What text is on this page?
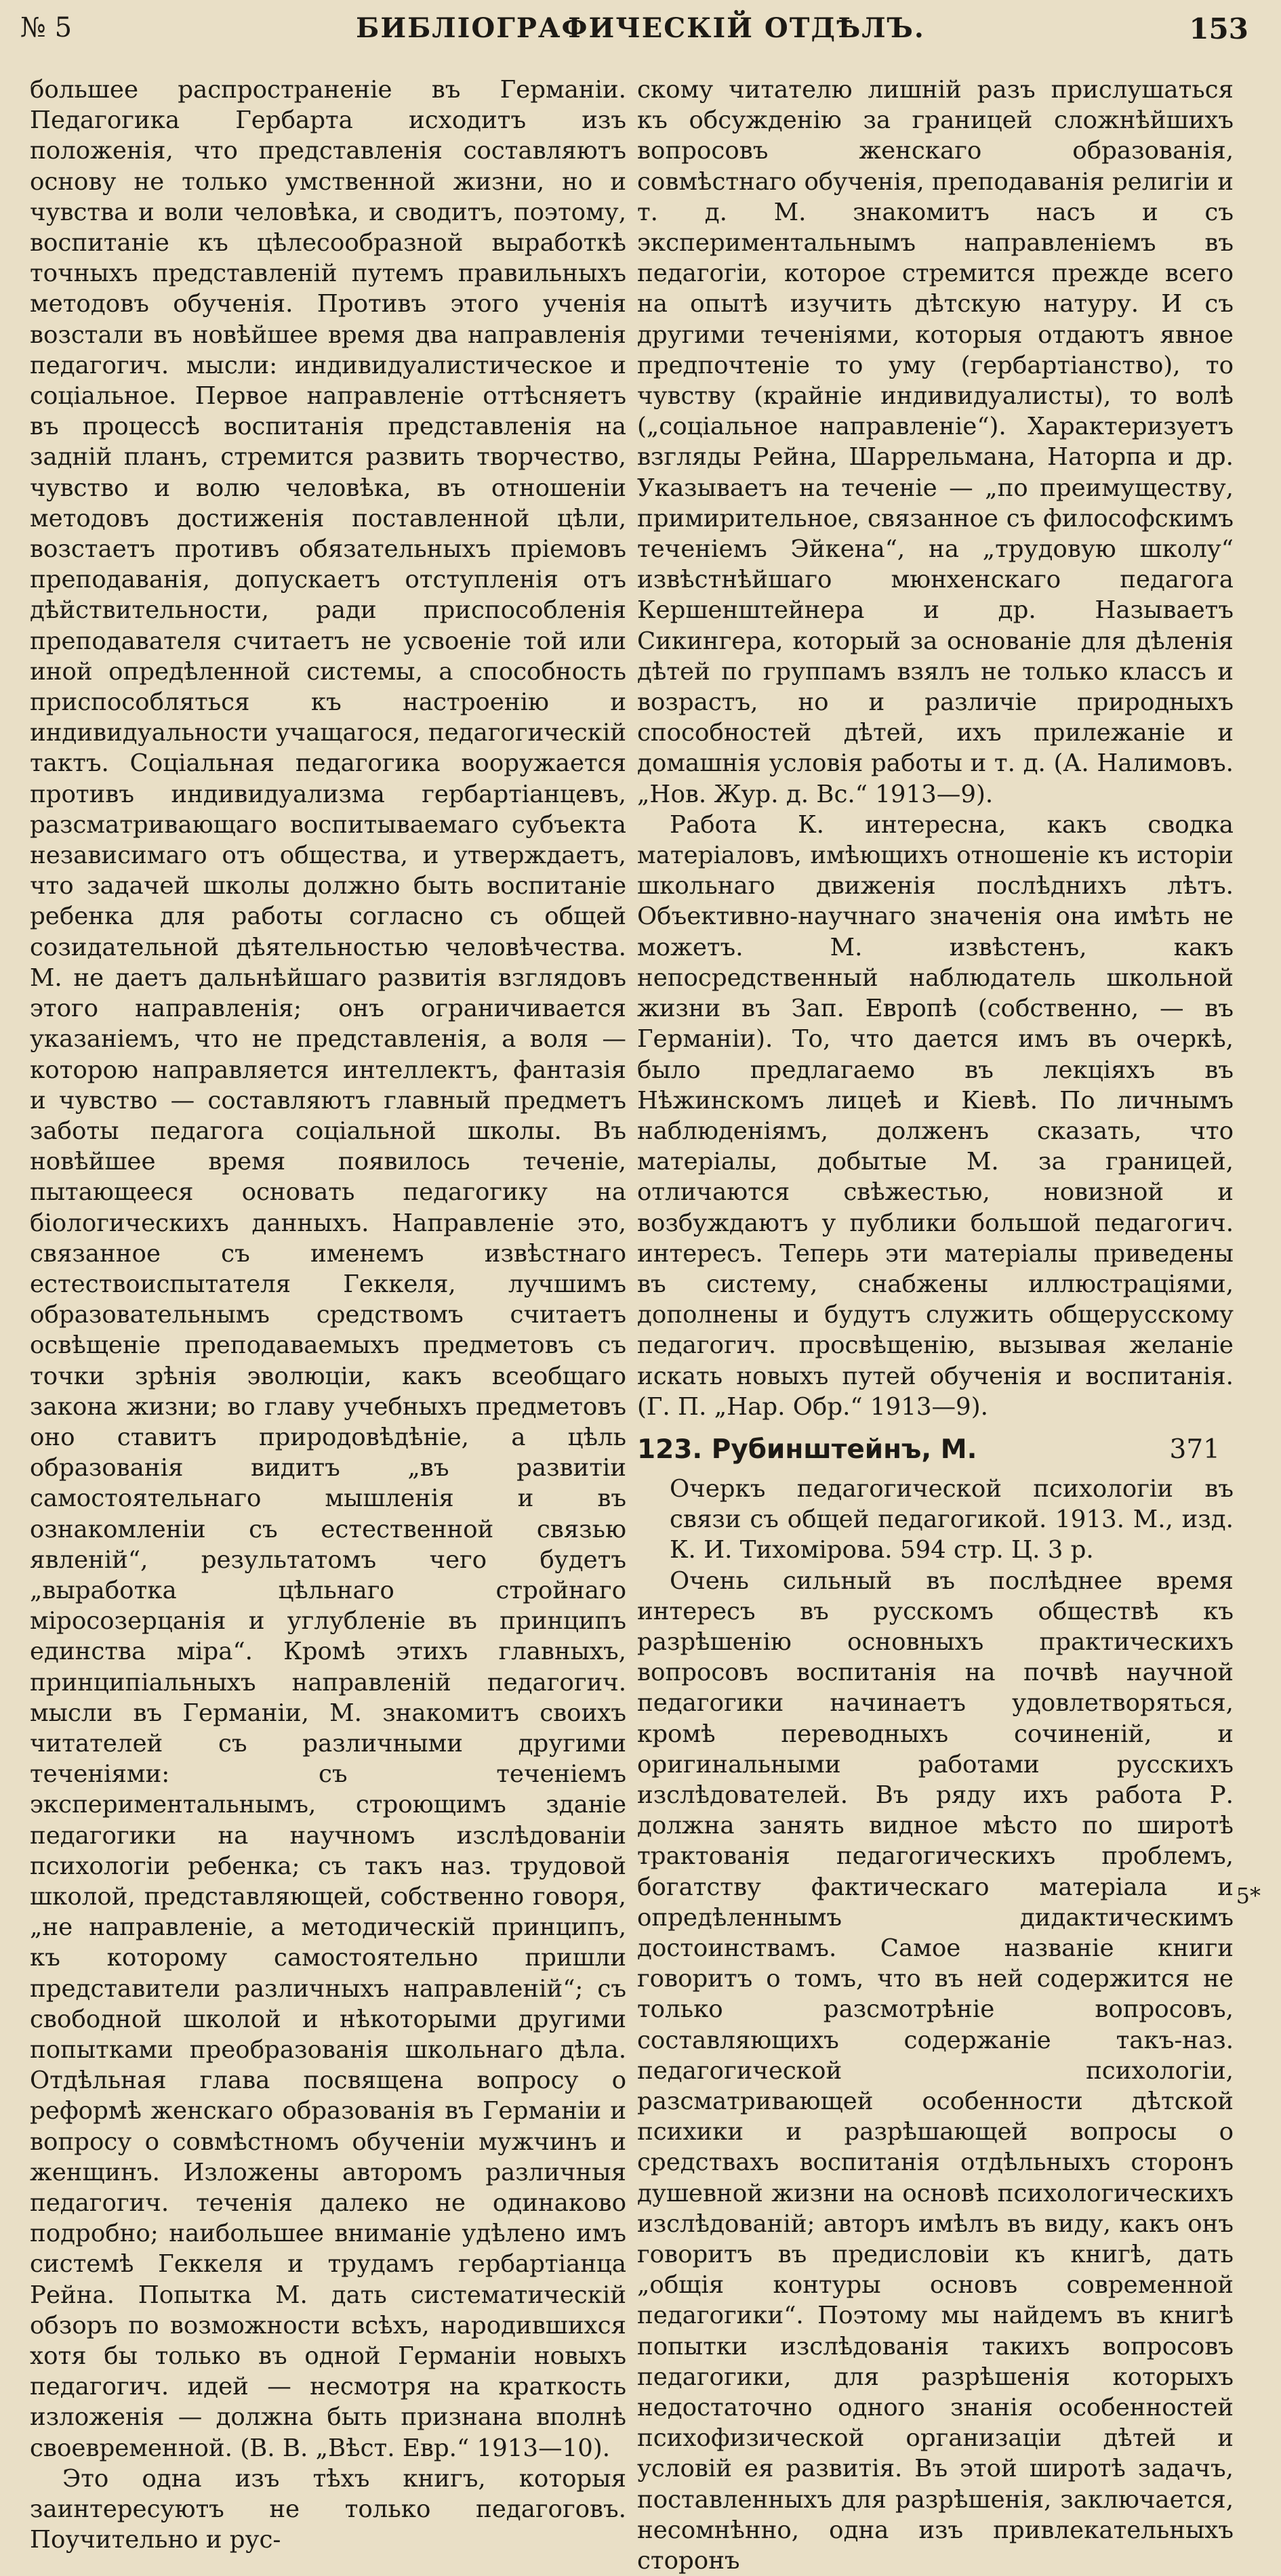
БИБЛІОГРАФИЧЕСКІЙ ОТДѢЛЪ.
№ 5	153

большее распространеніе въ Германіи. Педагогика Гербарта исходитъ изъ положенія, что представленія составляютъ основу не только умственной жизни, но и чувства и воли человѣка, и сводитъ, поэтому, воспитаніе къ цѣлесообразной выработкѣ точныхъ представленій путемъ правильныхъ методовъ обученія. Противъ этого ученія возстали въ новѣйшее время два направленія педагогич. мысли: индивидуалистическое и соціальное. Первое направленіе оттѣсняетъ въ процессѣ воспитанія представленія на задній планъ, стремится развить творчество, чувство и волю человѣка, въ отношеніи методовъ достиженія поставленной цѣли, возстаетъ противъ обязательныхъ пріемовъ преподаванія, допускаетъ отступленія отъ дѣйствительности, ради приспособленія преподавателя считаетъ не усвоеніе той или иной опредѣленной системы, а способность приспособляться къ настроенію и индивидуальности учащагося, педагогическій тактъ. Соціальная педагогика вооружается противъ индивидуализма гербартіанцевъ, разсматривающаго воспитываемаго субъекта независимаго отъ общества, и утверждаетъ, что задачей школы должно быть воспитаніе ребенка для работы согласно съ общей созидательной дѣятельностью человѣчества. М. не даетъ дальнѣйшаго развитія взглядовъ этого направленія; онъ ограничивается указаніемъ, что не представленія, а воля — которою направляется интеллектъ, фантазія и чувство — составляютъ главный предметъ заботы педагога соціальной школы. Въ новѣйшее время появилось теченіе, пытающееся основать педагогику на біологическихъ данныхъ. Направленіе это, связанное съ именемъ извѣстнаго естествоиспытателя Геккеля, лучшимъ образовательнымъ средствомъ считаетъ освѣщеніе преподаваемыхъ предметовъ съ точки зрѣнія эволюціи, какъ всеобщаго закона жизни; во главу учебныхъ предметовъ оно ставитъ природовѣдѣніе, а цѣль образованія видитъ „въ развитіи самостоятельнаго мышленія и въ ознакомленіи съ естественной связью явленій“, результатомъ чего будетъ „выработка цѣльнаго стройнаго міросозерцанія и углубленіе въ принципъ единства міра“. Кромѣ этихъ главныхъ, принципіальныхъ направленій педагогич. мысли въ Германіи, М. знакомитъ своихъ читателей съ различными другими теченіями: съ теченіемъ экспериментальнымъ, строющимъ зданіе педагогики на научномъ изслѣдованіи психологіи ребенка; съ такъ наз. трудовой школой, представляющей, собственно говоря, „не направленіе, а методическій принципъ, къ которому самостоятельно пришли представители различныхъ направленій“; съ свободной школой и нѣкоторыми другими попытками преобразованія школьнаго дѣла. Отдѣльная глава посвящена вопросу о реформѣ женскаго образованія въ Германіи и вопросу о совмѣстномъ обученіи мужчинъ и женщинъ. Изложены авторомъ различныя педагогич. теченія далеко не одинаково подробно; наибольшее вниманіе удѣлено имъ системѣ Геккеля и трудамъ гербартіанца Рейна. Попытка М. дать систематическій обзоръ по возможности всѣхъ, народившихся хотя бы только въ одной Германіи новыхъ педагогич. идей — несмотря на краткость изложенія — должна быть признана вполнѣ своевременной. (В. В. „Вѣст. Евр.“ 1913—10).

Это одна изъ тѣхъ книгъ, которыя заинтересуютъ не только педагоговъ. Поучительно и рус-

скому читателю лишній разъ прислушаться къ обсужденію за границей сложнѣйшихъ вопросовъ женскаго образованія, совмѣстнаго обученія, преподаванія религіи и т. д. М. знакомитъ насъ и съ экспериментальнымъ направленіемъ въ педагогіи, которое стремится прежде всего на опытѣ изучить дѣтскую натуру. И съ другими теченіями, которыя отдаютъ явное предпочтеніе то уму (гербартіанство), то чувству (крайніе индивидуалисты), то волѣ („соціальное направленіе“). Характеризуетъ взгляды Рейна, Шаррельмана, Наторпа и др. Указываетъ на теченіе — „по преимуществу, примирительное, связанное съ философскимъ теченіемъ Эйкена“, на „трудовую школу“ извѣстнѣйшаго мюнхенскаго педагога Кершенштейнера и др. Называетъ Сикингера, который за основаніе для дѣленія дѣтей по группамъ взялъ не только классъ и возрастъ, но и различіе природныхъ способностей дѣтей, ихъ прилежаніе и домашнія условія работы и т. д. (А. Налимовъ. „Нов. Жур. д. Вс.“ 1913—9).

Работа К. интересна, какъ сводка матеріаловъ, имѣющихъ отношеніе къ исторіи школьнаго движенія послѣднихъ лѣтъ. Объективно-научнаго значенія она имѣть не можетъ. М. извѣстенъ, какъ непосредственный наблюдатель школьной жизни въ Зап. Европѣ (собственно, — въ Германіи). То, что дается имъ въ очеркѣ, было предлагаемо въ лекціяхъ въ Нѣжинскомъ лицеѣ и Кіевѣ. По личнымъ наблюденіямъ, долженъ сказать, что матеріалы, добытые М. за границей, отличаются свѣжестью, новизной и возбуждаютъ у публики большой педагогич. интересъ. Теперь эти матеріалы приведены въ систему, снабжены иллюстраціями, дополнены и будутъ служить общерусскому педагогич. просвѣщенію, вызывая желаніе искать новыхъ путей обученія и воспитанія. (Г. П. „Нар. Обр.“ 1913—9).

123. Рубинштейнъ, М.	371

Очеркъ педагогической психологіи въ связи съ общей педагогикой. 1913. М., изд. К. И. Тихомірова. 594 стр. Ц. 3 р.

Очень сильный въ послѣднее время интересъ въ русскомъ обществѣ къ разрѣшенію основныхъ практическихъ вопросовъ воспитанія на почвѣ научной педагогики начинаетъ удовлетворяться, кромѣ переводныхъ сочиненій, и оригинальными работами русскихъ изслѣдователей. Въ ряду ихъ работа Р. должна занять видное мѣсто по широтѣ трактованія педагогическихъ проблемъ, богатству фактическаго матеріала и опредѣленнымъ дидактическимъ достоинствамъ. Самое названіе книги говоритъ о томъ, что въ ней содержится не только разсмотрѣніе вопросовъ, составляющихъ содержаніе такъ-наз. педагогической психологіи, разсматривающей особенности дѣтской психики и разрѣшающей вопросы о средствахъ воспитанія отдѣльныхъ сторонъ душевной жизни на основѣ психологическихъ изслѣдованій; авторъ имѣлъ въ виду, какъ онъ говоритъ въ предисловіи къ книгѣ, дать „общія контуры основъ современной педагогики“. Поэтому мы найдемъ въ книгѣ попытки изслѣдованія такихъ вопросовъ педагогики, для разрѣшенія которыхъ недостаточно одного знанія особенностей психофизической организаціи дѣтей и условій ея развитія. Въ этой широтѣ задачъ, поставленныхъ для разрѣшенія, заключается, несомнѣнно, одна изъ привлекательныхъ сторонъ

5*
